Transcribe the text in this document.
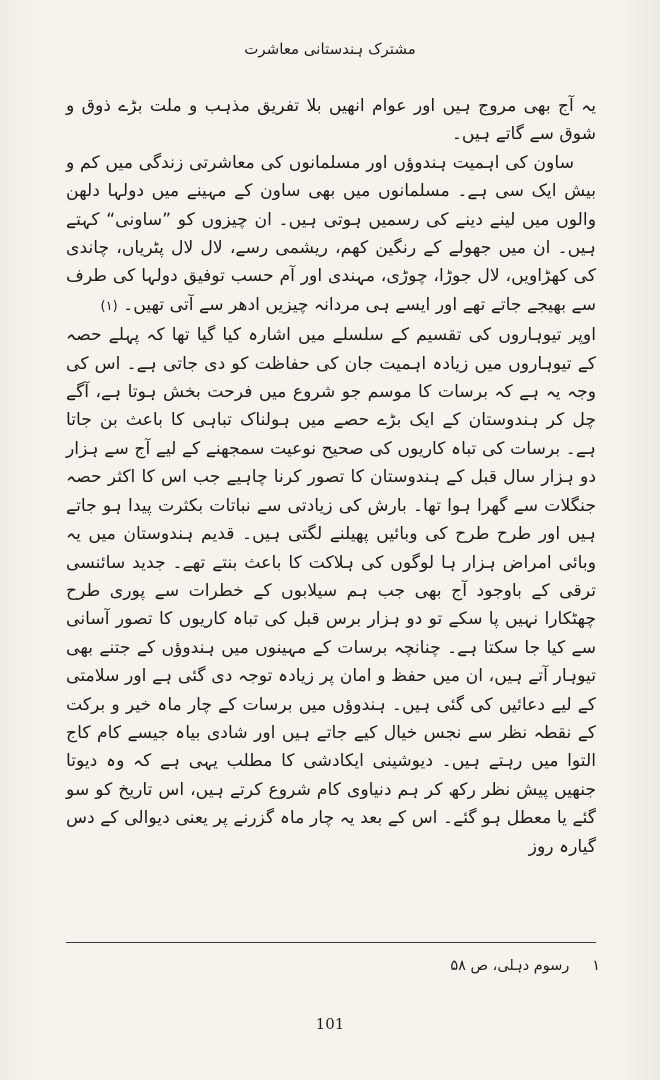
مشترک ہندستانی معاشرت

یہ آج بھی مروج ہیں اور عوام انھیں بلا تفریق مذہب و ملت بڑے ذوق و شوق سے گاتے ہیں۔

ساون کی اہمیت ہندوؤں اور مسلمانوں کی معاشرتی زندگی میں کم و بیش ایک سی ہے۔ مسلمانوں میں بھی ساون کے مہینے میں دولہا دلھن والوں میں لینے دینے کی رسمیں ہوتی ہیں۔ ان چیزوں کو ”ساونی“ کہتے ہیں۔ ان میں جھولے کے رنگین کھم، ریشمی رسے، لال لال پٹریاں، چاندی کی کھڑاویں، لال جوڑا، چوڑی، مہندی اور آم حسب توفیق دولہا کی طرف سے بھیجے جاتے تھے اور ایسے ہی مردانہ چیزیں ادھر سے آتی تھیں۔ (۱)

اوپر تیوہاروں کی تقسیم کے سلسلے میں اشارہ کیا گیا تھا کہ پہلے حصہ کے تیوہاروں میں زیادہ اہمیت جان کی حفاظت کو دی جاتی ہے۔ اس کی وجہ یہ ہے کہ برسات کا موسم جو شروع میں فرحت بخش ہوتا ہے، آگے چل کر ہندوستان کے ایک بڑے حصے میں ہولناک تباہی کا باعث بن جاتا ہے۔ برسات کی تباہ کاریوں کی صحیح نوعیت سمجھنے کے لیے آج سے ہزار دو ہزار سال قبل کے ہندوستان کا تصور کرنا چاہیے جب اس کا اکثر حصہ جنگلات سے گھرا ہوا تھا۔ بارش کی زیادتی سے نباتات بکثرت پیدا ہو جاتے ہیں اور طرح طرح کی وبائیں پھیلنے لگتی ہیں۔ قدیم ہندوستان میں یہ وبائی امراض ہزار ہا لوگوں کی ہلاکت کا باعث بنتے تھے۔ جدید سائنسی ترقی کے باوجود آج بھی جب ہم سیلابوں کے خطرات سے پوری طرح چھٹکارا نہیں پا سکے تو دو ہزار برس قبل کی تباہ کاریوں کا تصور آسانی سے کیا جا سکتا ہے۔ چنانچہ برسات کے مہینوں میں ہندوؤں کے جتنے بھی تیوہار آتے ہیں، ان میں حفظ و امان پر زیادہ توجہ دی گئی ہے اور سلامتی کے لیے دعائیں کی گئی ہیں۔ ہندوؤں میں برسات کے چار ماہ خیر و برکت کے نقطہ نظر سے نجس خیال کیے جاتے ہیں اور شادی بیاہ جیسے کام کاج التوا میں رہتے ہیں۔ دیوشینی ایکادشی کا مطلب یہی ہے کہ وہ دیوتا جنھیں پیش نظر رکھ کر ہم دنیاوی کام شروع کرتے ہیں، اس تاریخ کو سو گئے یا معطل ہو گئے۔ اس کے بعد یہ چار ماہ گزرنے پر یعنی دیوالی کے دس گیارہ روز

۱ رسوم دہلی، ص ۵۸
101
